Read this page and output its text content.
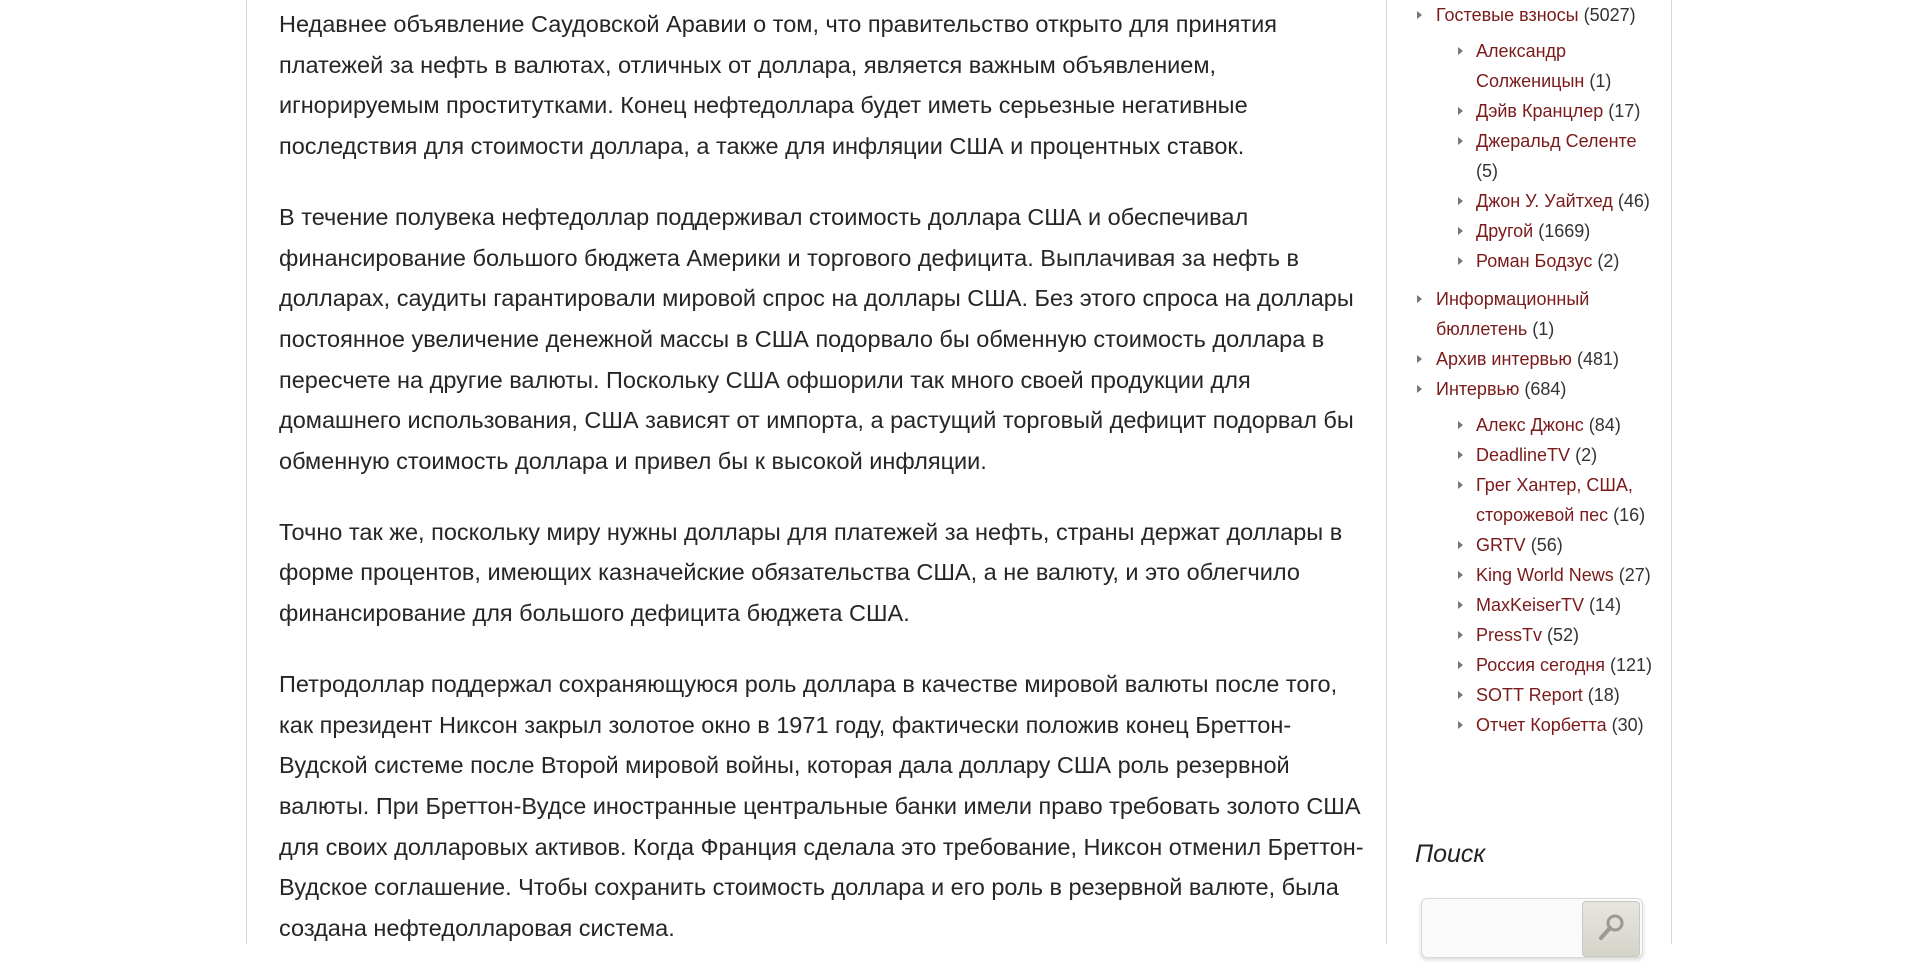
Недавнее объявление Саудовской Аравии о том, что правительство открыто для принятия платежей за нефть в валютах, отличных от доллара, является важным объявлением, игнорируемым проститутками. Конец нефтедоллара будет иметь серьезные негативные последствия для стоимости доллара, а также для инфляции США и процентных ставок.

В течение полувека нефтедоллар поддерживал стоимость доллара США и обеспечивал финансирование большого бюджета Америки и торгового дефицита. Выплачивая за нефть в долларах, саудиты гарантировали мировой спрос на доллары США. Без этого спроса на доллары постоянное увеличение денежной массы в США подорвало бы обменную стоимость доллара в пересчете на другие валюты. Поскольку США офшорили так много своей продукции для домашнего использования, США зависят от импорта, а растущий торговый дефицит подорвал бы обменную стоимость доллара и привел бы к высокой инфляции.

Точно так же, поскольку миру нужны доллары для платежей за нефть, страны держат доллары в форме процентов, имеющих казначейские обязательства США, а не валюту, и это облегчило финансирование для большого дефицита бюджета США.

Петродоллар поддержал сохраняющуюся роль доллара в качестве мировой валюты после того, как президент Никсон закрыл золотое окно в 1971 году, фактически положив конец Бреттон-Вудской системе после Второй мировой войны, которая дала доллару США роль резервной валюты. При Бреттон-Вудсе иностранные центральные банки имели право требовать золото США для своих долларовых активов. Когда Франция сделала это требование, Никсон отменил Бреттон-Вудское соглашение. Чтобы сохранить стоимость доллара и его роль в резервной валюте, была создана нефтедолларовая система.

Гостевые взносы (5027)
Александр Солженицын (1)
Дэйв Кранцлер (17)
Джеральд Селенте (5)
Джон У. Уайтхед (46)
Другой (1669)
Роман Бодзус (2)
Информационный бюллетень (1)
Архив интервью (481)
Интервью (684)
Алекс Джонс (84)
DeadlineTV (2)
Грег Хантер, США, сторожевой пес (16)
GRTV (56)
King World News (27)
MaxKeiserTV (14)
PressTv (52)
Россия сегодня (121)
SOTT Report (18)
Отчет Корбетта (30)
Поиск
